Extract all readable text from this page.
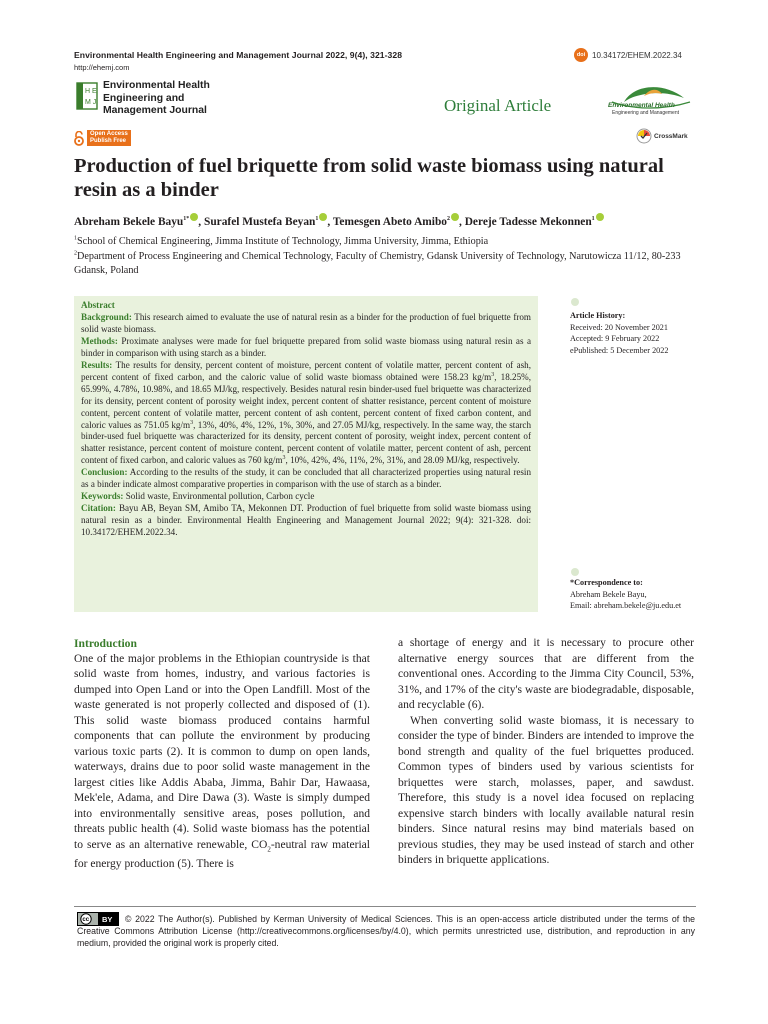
Environmental Health Engineering and Management Journal 2022, 9(4), 321-328
http://ehemj.com
doi 10.34172/EHEM.2022.34
H E
M J
Environmental Health
Engineering and
Management Journal	Original Article	Environmental Health
Engineering and Management
Open Access
Publish Free
CrossMark
Production of fuel briquette from solid waste biomass using natural resin as a binder
Abreham Bekele Bayu$^{1*}$ , Surafel Mustefa Beyan$^1$ , Temesgen Abeto Amibo$^2$ , Dereje Tadesse Mekonnen$^1$
$^1$School of Chemical Engineering, Jimma Institute of Technology, Jimma University, Jimma, Ethiopia
$^2$Department of Process Engineering and Chemical Technology, Faculty of Chemistry, Gdansk University of Technology, Narutowicza 11/12, 80-233 Gdansk, Poland
Abstract
Background: This research aimed to evaluate the use of natural resin as a binder for the production of fuel briquette from solid waste biomass.
Methods: Proximate analyses were made for fuel briquette prepared from solid waste biomass using natural resin as a binder in comparison with using starch as a binder.
Results: The results for density, percent content of moisture, percent content of volatile matter, percent content of ash, percent content of fixed carbon, and the caloric value of solid waste biomass obtained were 158.23 $kg/m^3$, 18.25%, 65.99%, 4.78%, 10.98%, and 18.65 MJ/kg, respectively. Besides natural resin binder-used fuel briquette was characterized for its density, percent content of porosity weight index, percent content of shatter resistance, percent content of moisture content, percent content of volatile matter, percent content of ash content, percent content of fixed carbon content, and caloric values as 751.05 $kg/m^3$, 13%, 40%, 4%, 12%, 1%, 30%, and 27.05 MJ/kg, respectively. In the same way, the starch binder-used fuel briquette was characterized for its density, percent content of porosity, weight index, percent content of shatter resistance, percent content of moisture content, percent content of volatile matter, percent content of ash, percent content of fixed carbon, and caloric values as 760 $kg/m^3$, 10%, 42%, 4%, 11%, 2%, 31%, and 28.09 MJ/kg, respectively.
Conclusion: According to the results of the study, it can be concluded that all characterized properties using natural resin as a binder indicate almost comparative properties in comparison with the use of starch as a binder.
Keywords: Solid waste, Environmental pollution, Carbon cycle
Citation: Bayu AB, Beyan SM, Amibo TA, Mekonnen DT. Production of fuel briquette from solid waste biomass using natural resin as a binder. Environmental Health Engineering and Management Journal 2022; 9(4): 321-328. doi: 10.34172/EHEM.2022.34.
Article History:
Received: 20 November 2021
Accepted: 9 February 2022
ePublished: 5 December 2022
*Correspondence to:
Abreham Bekele Bayu,
Email: abreham.bekele@ju.edu.et
Introduction
One of the major problems in the Ethiopian countryside is that solid waste from homes, industry, and various factories is dumped into Open Land or into the Open Landfill. Most of the waste generated is not properly collected and disposed of (1). This solid waste biomass produced contains harmful components that can pollute the environment by producing various toxic parts (2). It is common to dump on open lands, waterways, drains due to poor solid waste management in the largest cities like Addis Ababa, Jimma, Bahir Dar, Hawaasa, Mek'ele, Adama, and Dire Dawa (3). Waste is simply dumped into environmentally sensitive areas, poses pollution, and threats public health (4). Solid waste biomass has the potential to serve as an alternative renewable, $CO_2$-neutral raw material for energy production (5). There is
a shortage of energy and it is necessary to procure other alternative energy sources that are different from the conventional ones. According to the Jimma City Council, 53%, 31%, and 17% of the city's waste are biodegradable, disposable, and recyclable (6).
When converting solid waste biomass, it is necessary to consider the type of binder. Binders are intended to improve the bond strength and quality of the fuel briquettes produced. Common types of binders used by various scientists for briquettes were starch, molasses, paper, and sawdust. Therefore, this study is a novel idea focused on replacing expensive starch binders with locally available natural resin binders. Since natural resins may bind materials based on previous studies, they may be used instead of starch and other binders in briquette applications.
cc BY	© 2022 The Author(s). Published by Kerman University of Medical Sciences. This is an open-access article distributed under the terms of the Creative Commons Attribution License (http://creativecommons.org/licenses/by/4.0), which permits unrestricted use, distribution, and reproduction in any medium, provided the original work is properly cited.
